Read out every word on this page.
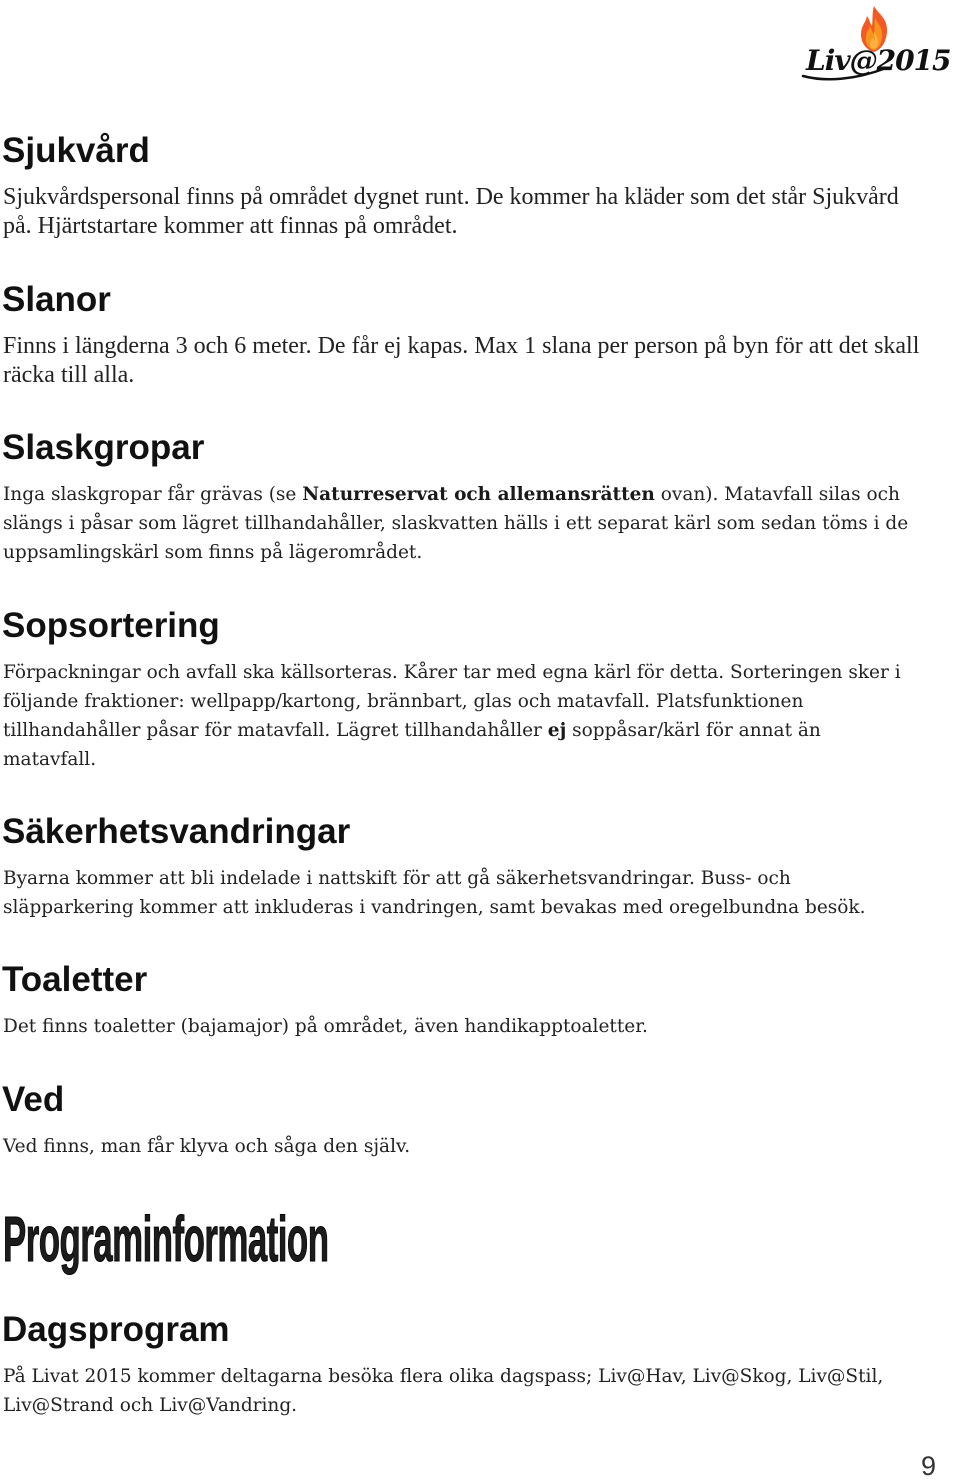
Liv@2015
Sjukvård
Sjukvårdspersonal finns på området dygnet runt. De kommer ha kläder som det står Sjukvård
på. Hjärtstartare kommer att finnas på området.
Slanor
Finns i längderna 3 och 6 meter. De får ej kapas. Max 1 slana per person på byn för att det skall
räcka till alla.
Slaskgropar
Inga slaskgropar får grävas (se Naturreservat och allemansrätten ovan). Matavfall silas och
slängs i påsar som lägret tillhandahåller, slaskvatten hälls i ett separat kärl som sedan töms i de
uppsamlingskärl som finns på lägerområdet.
Sopsortering
Förpackningar och avfall ska källsorteras. Kårer tar med egna kärl för detta. Sorteringen sker i
följande fraktioner: wellpapp/kartong, brännbart, glas och matavfall. Platsfunktionen
tillhandahåller påsar för matavfall. Lägret tillhandahåller ej soppåsar/kärl för annat än
matavfall.
Säkerhetsvandringar
Byarna kommer att bli indelade i nattskift för att gå säkerhetsvandringar. Buss- och
släpparkering kommer att inkluderas i vandringen, samt bevakas med oregelbundna besök.
Toaletter
Det finns toaletter (bajamajor) på området, även handikapptoaletter.
Ved
Ved finns, man får klyva och såga den själv.
Programinformation
Dagsprogram
På Livat 2015 kommer deltagarna besöka flera olika dagspass; Liv@Hav, Liv@Skog, Liv@Stil,
Liv@Strand och Liv@Vandring.
9
